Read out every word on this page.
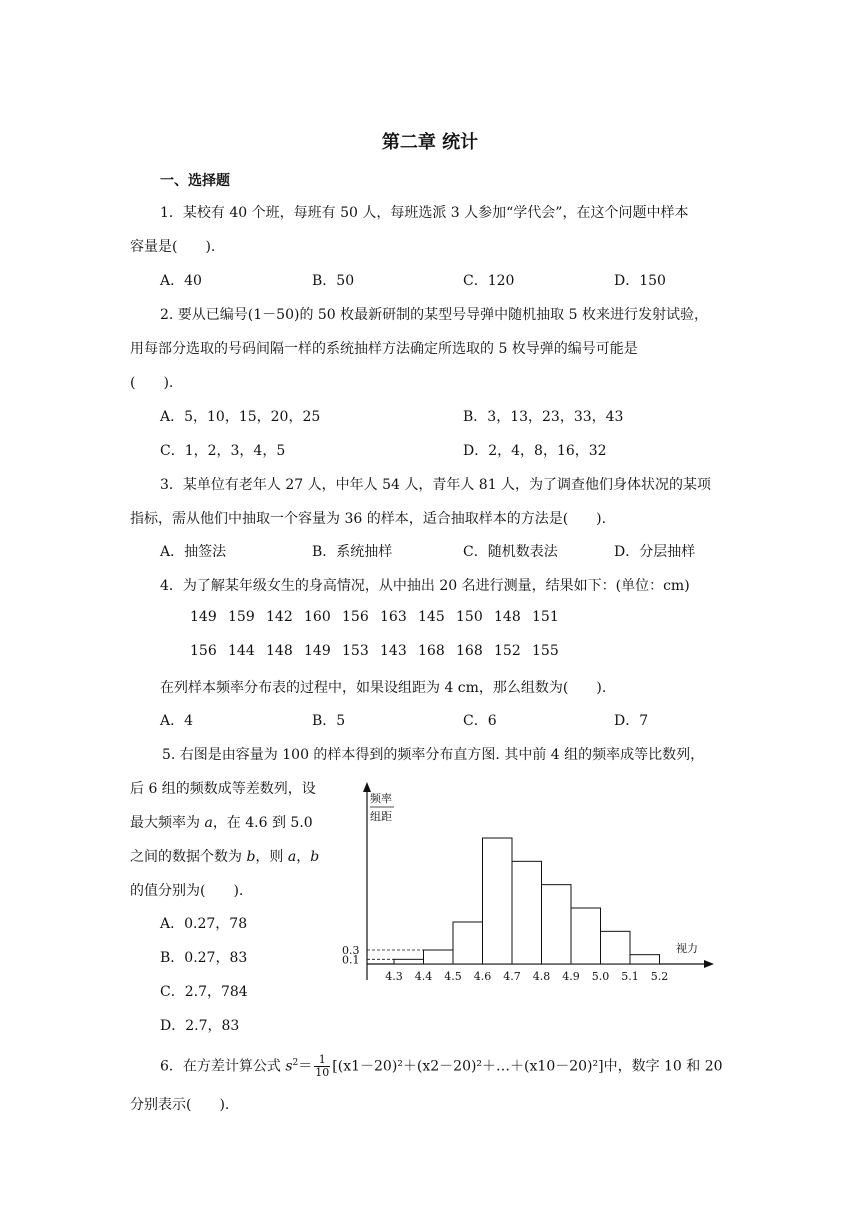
第二章 统计
一、选择题
1．某校有 40 个班，每班有 50 人，每班选派 3 人参加“学代会”，在这个问题中样本
容量是(　　).
A．40	B．50	C．120	D．150
2. 要从已编号(1－50)的 50 枚最新研制的某型号导弹中随机抽取 5 枚来进行发射试验，
用每部分选取的号码间隔一样的系统抽样方法确定所选取的 5 枚导弹的编号可能是
(　　).
A．5，10，15，20，25	B．3，13，23，33，43
C．1，2，3，4，5	D．2，4，8，16，32
3．某单位有老年人 27 人，中年人 54 人，青年人 81 人，为了调查他们身体状况的某项
指标，需从他们中抽取一个容量为 36 的样本，适合抽取样本的方法是(　　).
A．抽签法	B．系统抽样	C．随机数表法	D．分层抽样
4．为了解某年级女生的身高情况，从中抽出 20 名进行测量，结果如下：(单位：cm)
149 159 142 160 156 163 145 150 148 151
156 144 148 149 153 143 168 168 152 155
在列样本频率分布表的过程中，如果设组距为 4 cm，那么组数为(　　).
A．4	B．5	C．6	D．7
5. 右图是由容量为 100 的样本得到的频率分布直方图. 其中前 4 组的频率成等比数列，
后 6 组的频数成等差数列，设
最大频率为 a，在 4.6 到 5.0
之间的数据个数为 b，则 a，b
的值分别为(　　).
A．0.27，78
B．0.27，83
C．2.7，784
D．2.7，83
频率
组距
视力
4.3 4.4 4.5 4.6 4.7 4.8 4.9 5.0 5.1 5.2
0.1
0.3
6．在方差计算公式 $s^2= \frac{1}{10}$ [(x1－20)²＋(x2－20)²＋…＋(x10－20)²]中，数字 10 和 20
分别表示(　　).
